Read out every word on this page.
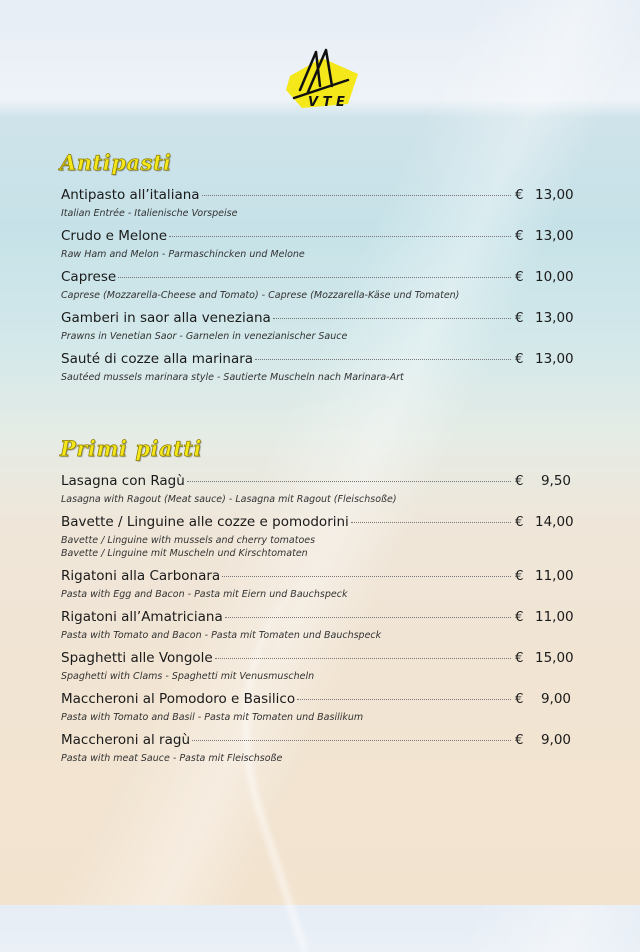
V T E
Antipasti
Antipasto all’italiana	€ 13,00
Italian Entrée - Italienische Vorspeise
Crudo e Melone	€ 13,00
Raw Ham and Melon - Parmaschincken und Melone
Caprese	€ 10,00
Caprese (Mozzarella-Cheese and Tomato) - Caprese (Mozzarella-Käse und Tomaten)
Gamberi in saor alla veneziana	€ 13,00
Prawns in Venetian Saor - Garnelen in venezianischer Sauce
Sauté di cozze alla marinara	€ 13,00
Sautéed mussels marinara style - Sautierte Muscheln nach Marinara-Art
Primi piatti
Lasagna con Ragù	€	9,50
Lasagna with Ragout (Meat sauce) - Lasagna mit Ragout (Fleischsoße)
Bavette / Linguine alle cozze e pomodorini	€ 14,00
Bavette / Linguine with mussels and cherry tomatoes
Bavette / Linguine mit Muscheln und Kirschtomaten
Rigatoni alla Carbonara	€ 11,00
Pasta with Egg and Bacon - Pasta mit Eiern und Bauchspeck
Rigatoni all’Amatriciana	€ 11,00
Pasta with Tomato and Bacon - Pasta mit Tomaten und Bauchspeck
Spaghetti alle Vongole	€ 15,00
Spaghetti with Clams - Spaghetti mit Venusmuscheln
Maccheroni al Pomodoro e Basilico	€	9,00
Pasta with Tomato and Basil - Pasta mit Tomaten und Basilikum
Maccheroni al ragù	€	9,00
Pasta with meat Sauce - Pasta mit Fleischsoße
